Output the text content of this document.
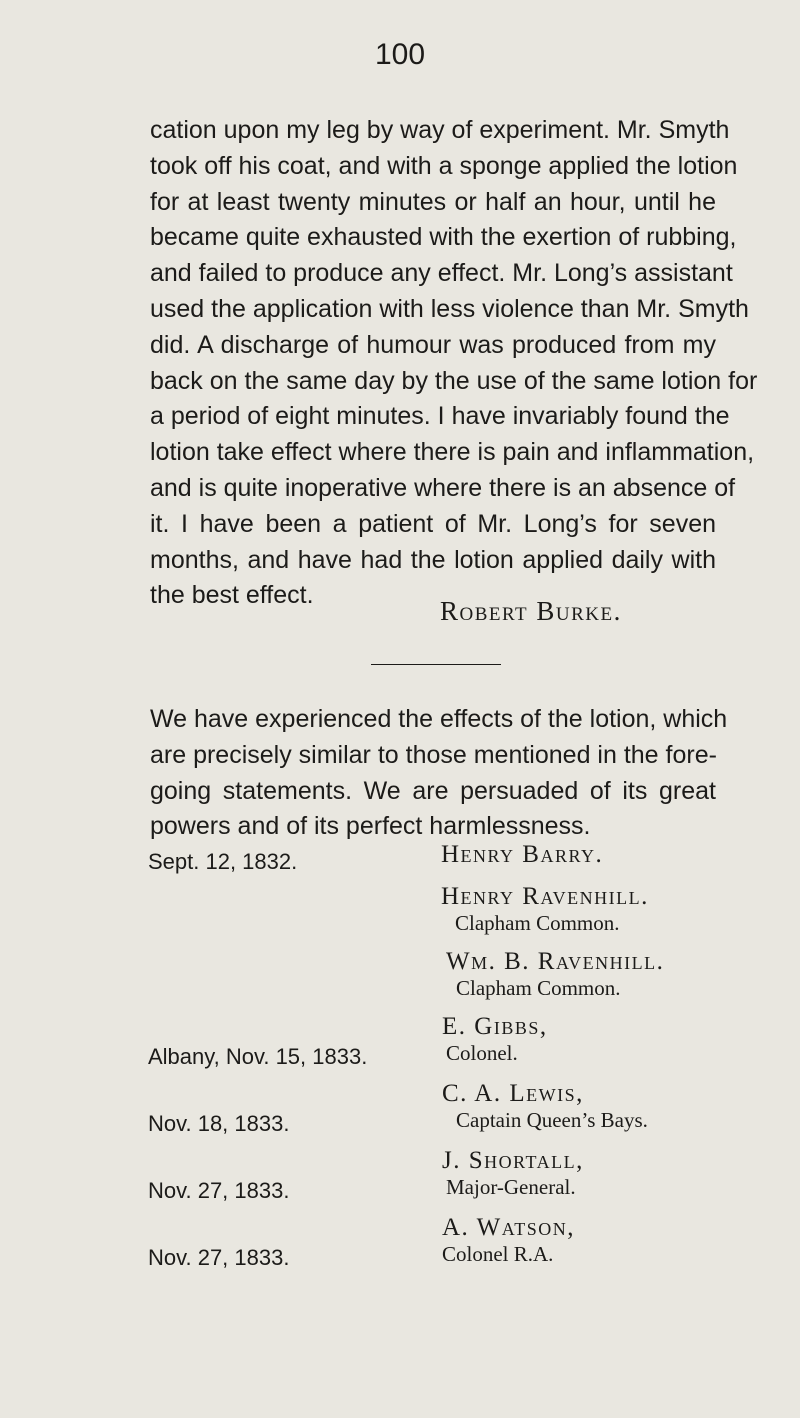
100
cation upon my leg by way of experiment. Mr. Smyth
took off his coat, and with a sponge applied the lotion
for at least twenty minutes or half an hour, until he
became quite exhausted with the exertion of rubbing,
and failed to produce any effect. Mr. Long’s assistant
used the application with less violence than Mr. Smyth
did. A discharge of humour was produced from my
back on the same day by the use of the same lotion for
a period of eight minutes. I have invariably found the
lotion take effect where there is pain and inflammation,
and is quite inoperative where there is an absence of
it. I have been a patient of Mr. Long’s for seven
months, and have had the lotion applied daily with
the best effect.
Robert Burke.
We have experienced the effects of the lotion, which
are precisely similar to those mentioned in the fore-
going statements. We are persuaded of its great
powers and of its perfect harmlessness.
Sept. 12, 1832.
Albany, Nov. 15, 1833.
Nov. 18, 1833.
Nov. 27, 1833.
Nov. 27, 1833.
Henry Barry.
Henry Ravenhill.
Clapham Common.
Wm. B. Ravenhill.
Clapham Common.
E. Gibbs,
Colonel.
C. A. Lewis,
Captain Queen’s Bays.
J. Shortall,
Major-General.
A. Watson,
Colonel R.A.
